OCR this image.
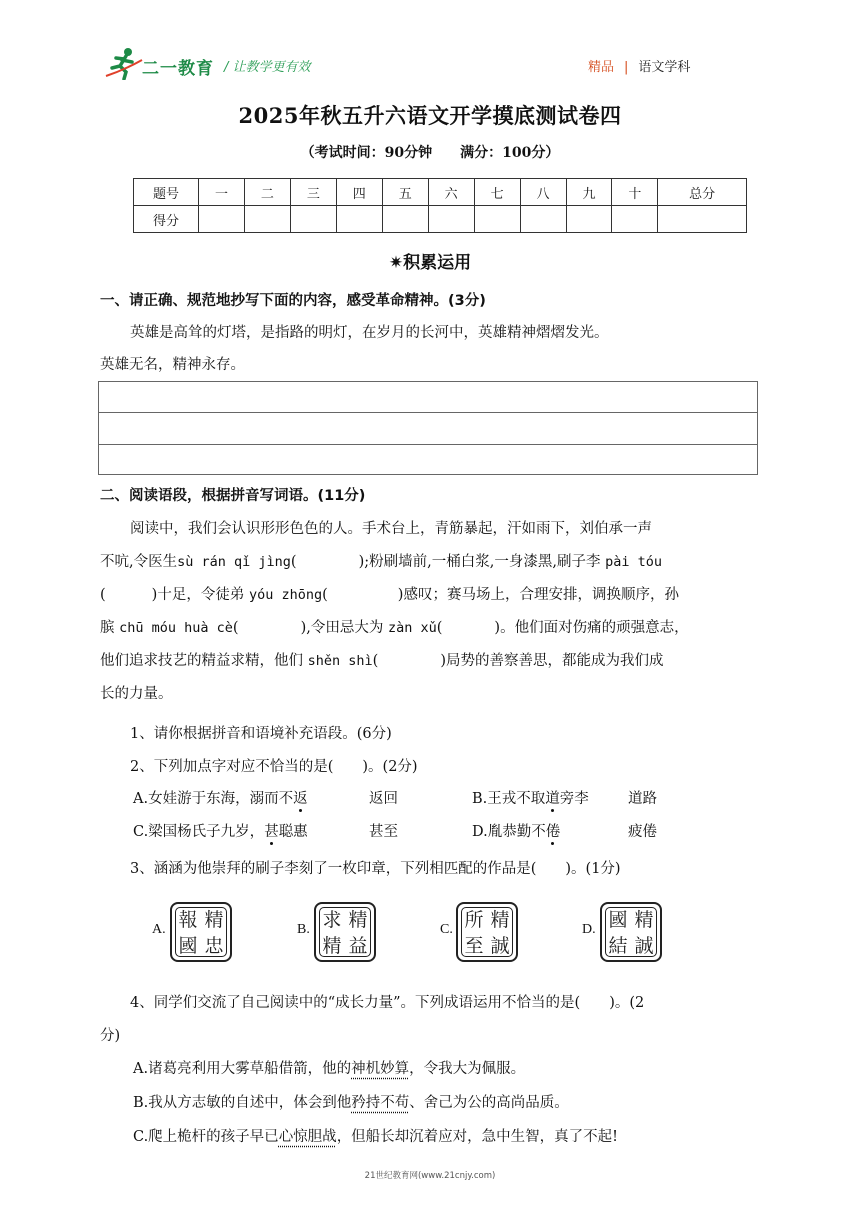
二一教育 / 让教学更有效	精品 | 语文学科
2025年秋五升六语文开学摸底测试卷四
（考试时间：90分钟 满分：100分）
题号	一	二	三	四	五	六	七	八	九	十	总分
得分											
✷积累运用
一、请正确、规范地抄写下面的内容，感受革命精神。(3分)
英雄是高耸的灯塔，是指路的明灯，在岁月的长河中，英雄精神熠熠发光。
英雄无名，精神永存。
二、阅读语段，根据拼音写词语。(11分)
阅读中，我们会认识形形色色的人。手术台上，青筋暴起，汗如雨下，刘伯承一声
不吭,令医生sù rán qǐ jìng(	);粉刷墙前,一桶白浆,一身漆黑,刷子李 pài tóu
(	)十足，令徒弟 yóu zhōng(	)感叹；赛马场上，合理安排，调换顺序，孙
膑 chū móu huà cè(	),令田忌大为 zàn xǔ(	)。他们面对伤痛的顽强意志，
他们追求技艺的精益求精，他们 shěn shì(	)局势的善察善思，都能成为我们成
长的力量。
1、请你根据拼音和语境补充语段。(6分)
2、下列加点字对应不恰当的是(　　)。(2分)
A.女娃游于东海，溺而不返	返回	B.王戎不取道旁李	道路
C.梁国杨氏子九岁，甚聪惠	甚至	D.胤恭勤不倦	疲倦
3、涵涵为他崇拜的刷子李刻了一枚印章，下列相匹配的作品是(　　)。(1分)
A. 精
報
忠
國
B. 精
求
益
精
C. 精
所
誠
至
D. 精
國
誠
結
4、同学们交流了自己阅读中的“成长力量”。下列成语运用不恰当的是(　　)。(2
分)
A.诸葛亮利用大雾草船借箭，他的神机妙算，令我大为佩服。
B.我从方志敏的自述中，体会到他矜持不苟、舍己为公的高尚品质。
C.爬上桅杆的孩子早已心惊胆战，但船长却沉着应对，急中生智，真了不起!
21世纪教育网(www.21cnjy.com)
